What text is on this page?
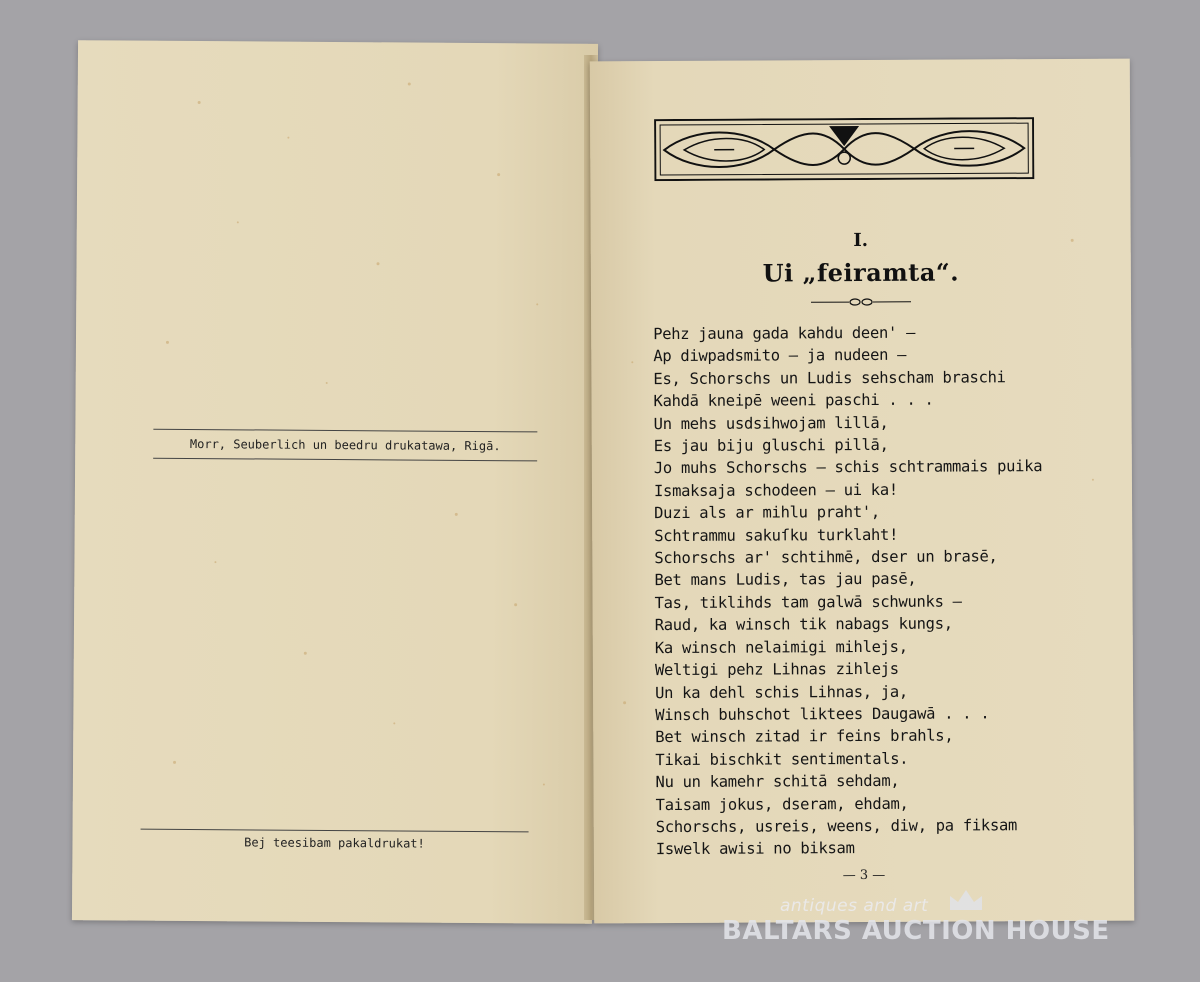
Morr, Seuberlich un beedru drukatawa, Rigā.
Bej teesibam pakaldrukat!
I.
Ui „feiramta“.
Pehz jauna gada kahdu deen' —
Ap diwpadsmito — ja nudeen —
Es, Schorschs un Ludis sehscham braschi
Kahdā kneipē weeni paschi . . .
Un mehs usdsihwojam lillā,
Es jau biju gluschi pillā,
Jo muhs Schorschs — schis schtrammais puika
Ismaksaja schodeen — ui ka!
Duzi als ar mihlu praht',
Schtrammu sakuſku turklaht!
Schorschs ar' schtihmē, dser un brasē,
Bet mans Ludis, tas jau pasē,
Tas, tiklihds tam galwā schwunks —
Raud, ka winsch tik nabags kungs,
Ka winsch nelaimigi mihlejs,
Weltigi pehz Lihnas zihlejs
Un ka dehl schis Lihnas, ja,
Winsch buhschot liktees Daugawā . . .
Bet winsch zitad ir feins brahls,
Tikai bischkit sentimentals.
Nu un kamehr schitā sehdam,
Taisam jokus, dseram, ehdam,
Schorschs, usreis, weens, diw, pa fiksam
Iswelk awisi no biksam
— 3 —
antiques and art
BALTARS AUCTION HOUSE
